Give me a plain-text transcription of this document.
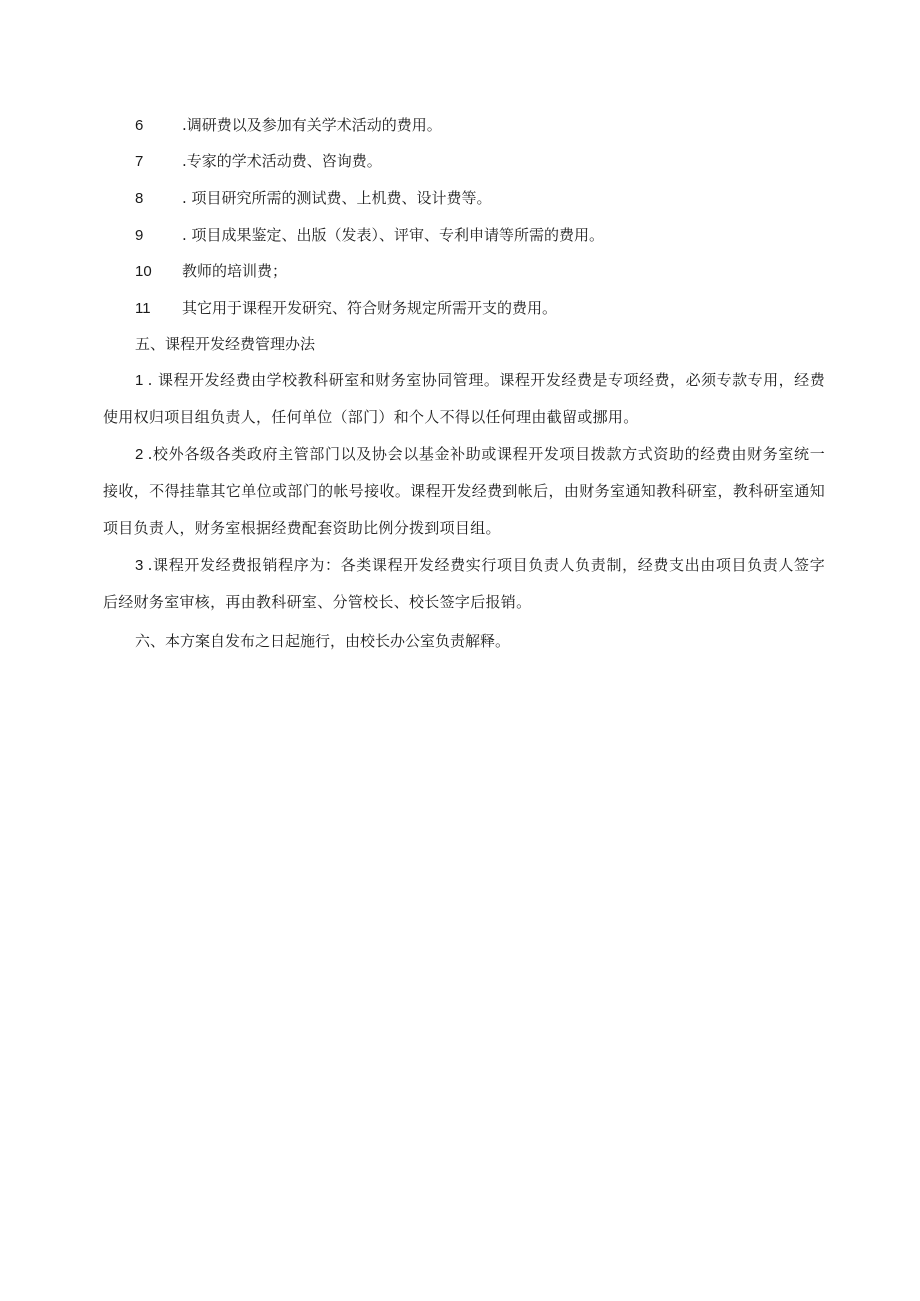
6	.调研费以及参加有关学术活动的费用。
7	.专家的学术活动费、咨询费。
8	. 项目研究所需的测试费、上机费、设计费等。
9	. 项目成果鉴定、出版（发表）、评审、专利申请等所需的费用。
10 教师的培训费；
11 其它用于课程开发研究、符合财务规定所需开支的费用。
五、课程开发经费管理办法
1 . 课程开发经费由学校教科研室和财务室协同管理。课程开发经费是专项经费，必须专款专用，经费使用权归项目组负责人，任何单位（部门）和个人不得以任何理由截留或挪用。
2 .校外各级各类政府主管部门以及协会以基金补助或课程开发项目拨款方式资助的经费由财务室统一接收，不得挂靠其它单位或部门的帐号接收。课程开发经费到帐后，由财务室通知教科研室，教科研室通知项目负责人，财务室根据经费配套资助比例分拨到项目组。
3 .课程开发经费报销程序为：各类课程开发经费实行项目负责人负责制，经费支出由项目负责人签字后经财务室审核，再由教科研室、分管校长、校长签字后报销。
六、本方案自发布之日起施行，由校长办公室负责解释。
